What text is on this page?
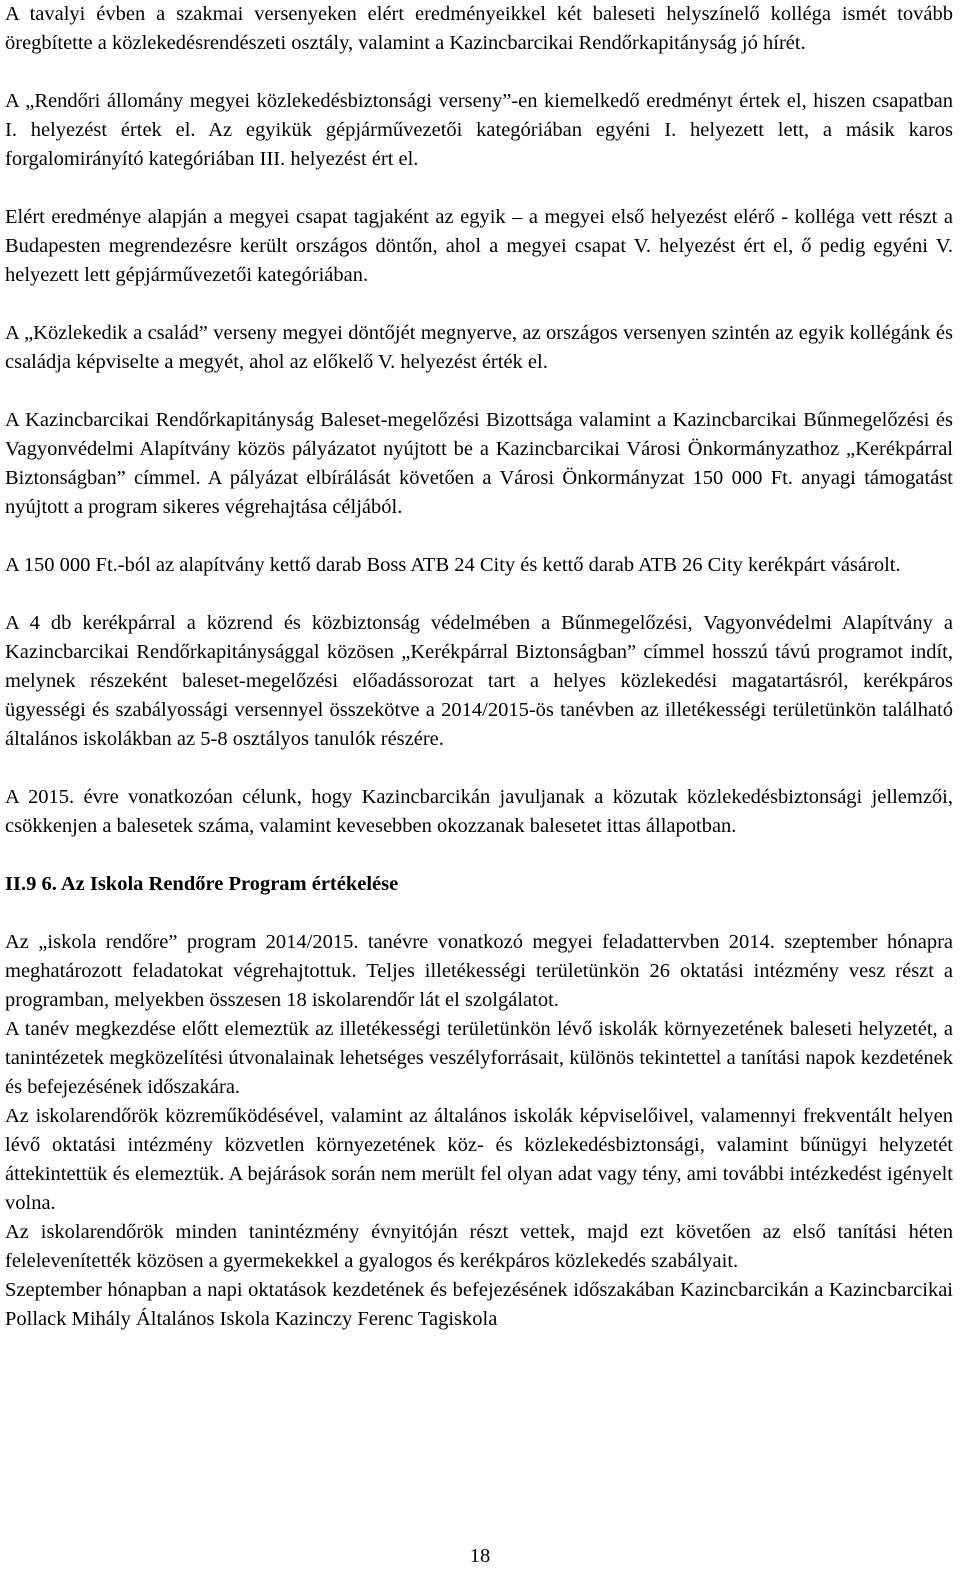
A tavalyi évben a szakmai versenyeken elért eredményeikkel két baleseti helyszínelő kolléga ismét tovább öregbítette a közlekedésrendészeti osztály, valamint a Kazincbarcikai Rendőrkapitányság jó hírét.

A „Rendőri állomány megyei közlekedésbiztonsági verseny”-en kiemelkedő eredményt értek el, hiszen csapatban I. helyezést értek el. Az egyikük gépjárművezetői kategóriában egyéni I. helyezett lett, a másik karos forgalomirányító kategóriában III. helyezést ért el.

Elért eredménye alapján a megyei csapat tagjaként az egyik – a megyei első helyezést elérő - kolléga vett részt a Budapesten megrendezésre került országos döntőn, ahol a megyei csapat V. helyezést ért el, ő pedig egyéni V. helyezett lett gépjárművezetői kategóriában.

A „Közlekedik a család” verseny megyei döntőjét megnyerve, az országos versenyen szintén az egyik kollégánk és családja képviselte a megyét, ahol az előkelő V. helyezést érték el.

A Kazincbarcikai Rendőrkapitányság Baleset-megelőzési Bizottsága valamint a Kazincbarcikai Bűnmegelőzési és Vagyonvédelmi Alapítvány közös pályázatot nyújtott be a Kazincbarcikai Városi Önkormányzathoz „Kerékpárral Biztonságban” címmel. A pályázat elbírálását követően a Városi Önkormányzat 150 000 Ft. anyagi támogatást nyújtott a program sikeres végrehajtása céljából.

A 150 000 Ft.-ból az alapítvány kettő darab Boss ATB 24 City és kettő darab ATB 26 City kerékpárt vásárolt.

A 4 db kerékpárral a közrend és közbiztonság védelmében a Bűnmegelőzési, Vagyonvédelmi Alapítvány a Kazincbarcikai Rendőrkapitánysággal közösen „Kerékpárral Biztonságban” címmel hosszú távú programot indít, melynek részeként baleset-megelőzési előadássorozat tart a helyes közlekedési magatartásról, kerékpáros ügyességi és szabályossági versennyel összekötve a 2014/2015-ös tanévben az illetékességi területünkön található általános iskolákban az 5-8 osztályos tanulók részére.

A 2015. évre vonatkozóan célunk, hogy Kazincbarcikán javuljanak a közutak közlekedésbiztonsági jellemzői, csökkenjen a balesetek száma, valamint kevesebben okozzanak balesetet ittas állapotban.

II.9 6. Az Iskola Rendőre Program értékelése

Az „iskola rendőre” program 2014/2015. tanévre vonatkozó megyei feladattervben 2014. szeptember hónapra meghatározott feladatokat végrehajtottuk. Teljes illetékességi területünkön 26 oktatási intézmény vesz részt a programban, melyekben összesen 18 iskolarendőr lát el szolgálatot.

A tanév megkezdése előtt elemeztük az illetékességi területünkön lévő iskolák környezetének baleseti helyzetét, a tanintézetek megközelítési útvonalainak lehetséges veszélyforrásait, különös tekintettel a tanítási napok kezdetének és befejezésének időszakára.

Az iskolarendőrök közreműködésével, valamint az általános iskolák képviselőivel, valamennyi frekventált helyen lévő oktatási intézmény közvetlen környezetének köz- és közlekedésbiztonsági, valamint bűnügyi helyzetét áttekintettük és elemeztük. A bejárások során nem merült fel olyan adat vagy tény, ami további intézkedést igényelt volna.

Az iskolarendőrök minden tanintézmény évnyitóján részt vettek, majd ezt követően az első tanítási héten felelevenítették közösen a gyermekekkel a gyalogos és kerékpáros közlekedés szabályait.

Szeptember hónapban a napi oktatások kezdetének és befejezésének időszakában Kazincbarcikán a Kazincbarcikai Pollack Mihály Általános Iskola Kazinczy Ferenc Tagiskola

18
